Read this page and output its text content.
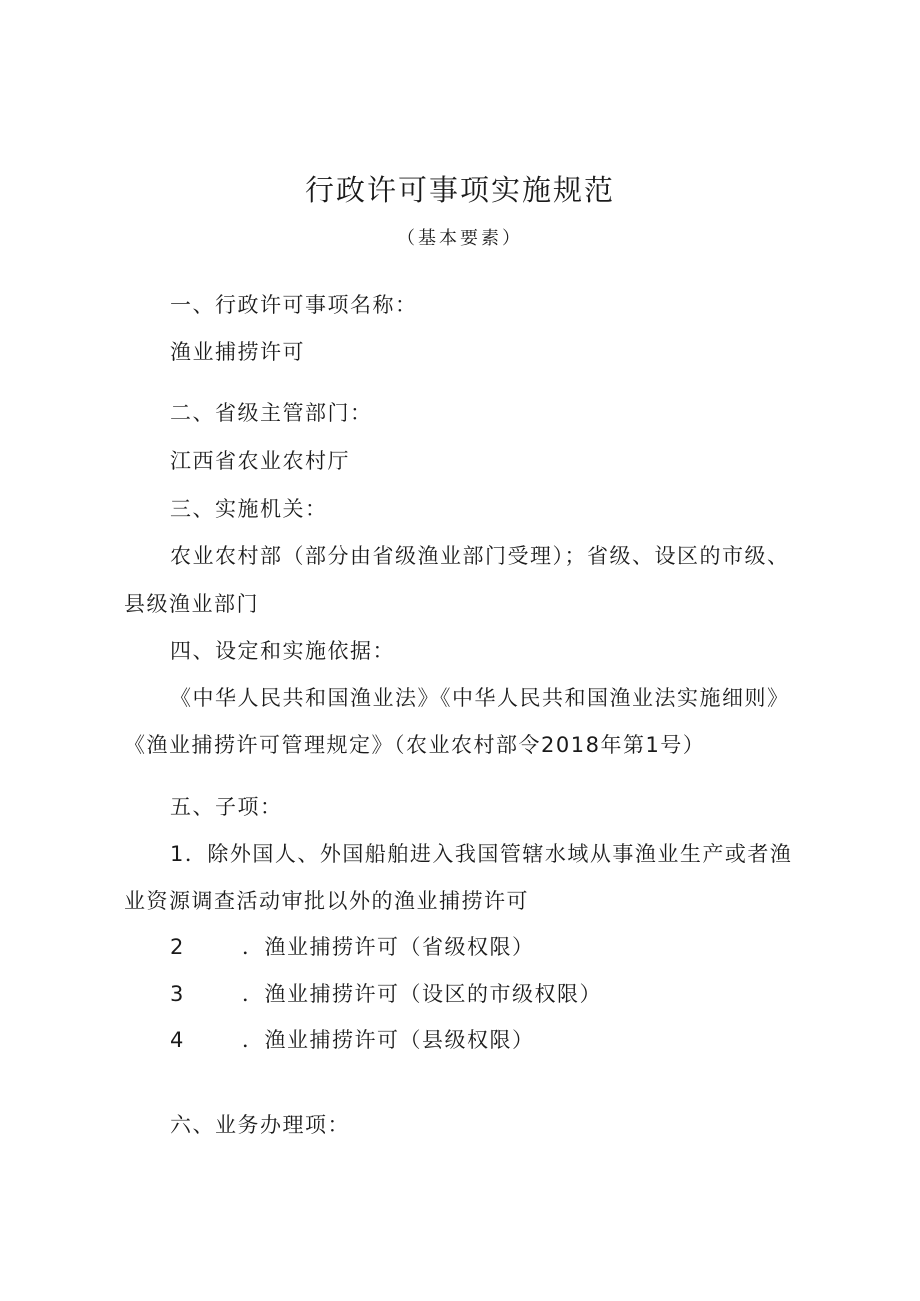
行政许可事项实施规范
（基本要素）
一、行政许可事项名称：
渔业捕捞许可
二、省级主管部门：
江西省农业农村厅
三、实施机关：
农业农村部（部分由省级渔业部门受理）；省级、设区的市级、
县级渔业部门
四、设定和实施依据：
《中华人民共和国渔业法》《中华人民共和国渔业法实施细则》
《渔业捕捞许可管理规定》（农业农村部令2018年第1号）
五、子项：
1．除外国人、外国船舶进入我国管辖水域从事渔业生产或者渔
业资源调查活动审批以外的渔业捕捞许可
2	．渔业捕捞许可（省级权限）
3	．渔业捕捞许可（设区的市级权限）
4	．渔业捕捞许可（县级权限）
六、业务办理项：
